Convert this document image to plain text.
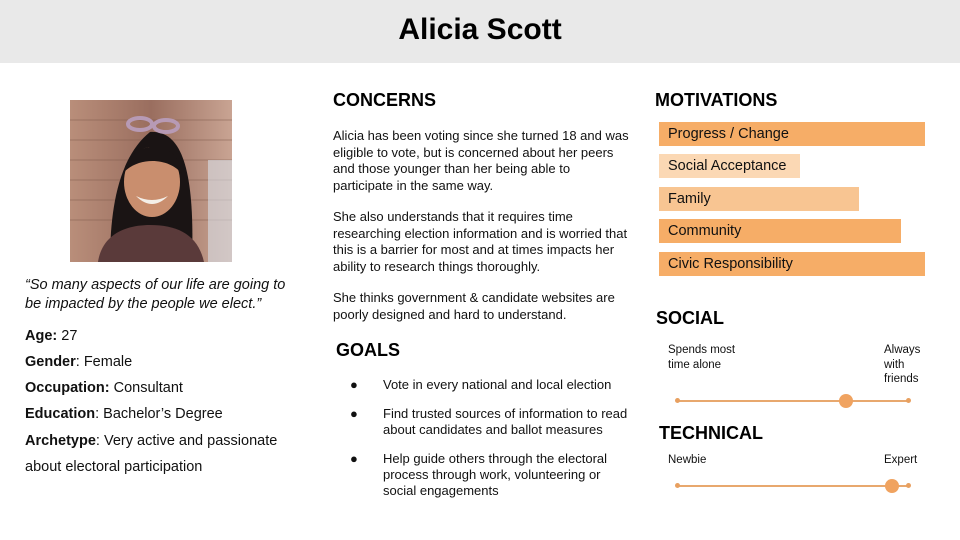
Alicia Scott
“So many aspects of our life are going to be impacted by the people we elect.”
Age: 27
Gender: Female
Occupation: Consultant
Education: Bachelor’s Degree
Archetype: Very active and passionate about electoral participation
CONCERNS
Alicia has been voting since she turned 18 and was eligible to vote, but is concerned about her peers and those younger than her being able to participate in the same way.
She also understands that it requires time researching election information and is worried that this is a barrier for most and at times impacts her ability to research things thoroughly.
She thinks government & candidate websites are poorly designed and hard to understand.
GOALS
● Vote in every national and local election
● Find trusted sources of information to read about candidates and ballot measures
● Help guide others through the electoral process through work, volunteering or social engagements
MOTIVATIONS
Progress / Change
Social Acceptance
Family
Community
Civic Responsibility
SOCIAL
Spends most time alone
Always with friends
TECHNICAL
Newbie	Expert
